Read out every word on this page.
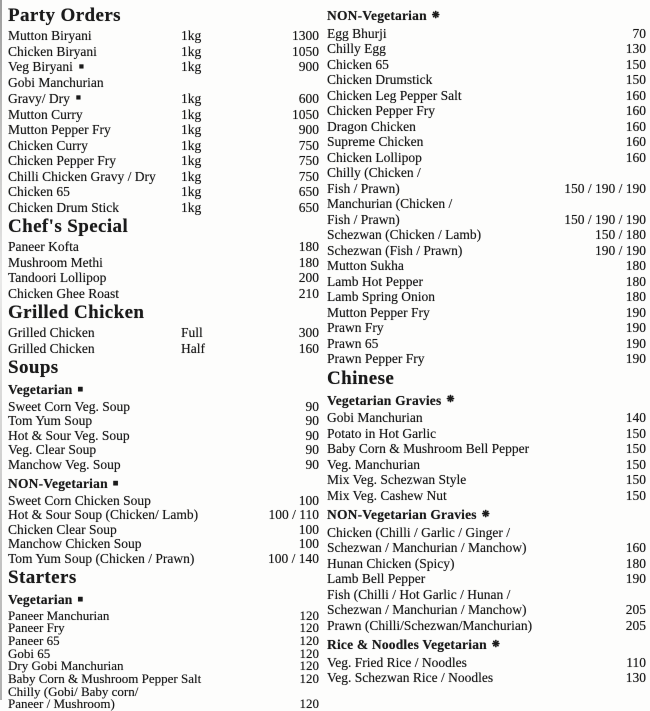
Party Orders
Mutton Biryani	1kg	1300
Chicken Biryani	1kg	1050
Veg Biryani ■	1kg	900
Gobi Manchurian
Gravy/ Dry ■	1kg	600
Mutton Curry	1kg	1050
Mutton Pepper Fry	1kg	900
Chicken Curry	1kg	750
Chicken Pepper Fry	1kg	750
Chilli Chicken Gravy / Dry	1kg	750
Chicken 65	1kg	650
Chicken Drum Stick	1kg	650
Chef's Special
Paneer Kofta	180
Mushroom Methi	180
Tandoori Lollipop	200
Chicken Ghee Roast	210
Grilled Chicken
Grilled Chicken	Full	300
Grilled Chicken	Half	160
Soups
Vegetarian ■
Sweet Corn Veg. Soup	90
Tom Yum Soup	90
Hot & Sour Veg. Soup	90
Veg. Clear Soup	90
Manchow Veg. Soup	90
NON-Vegetarian ■
Sweet Corn Chicken Soup	100
Hot & Sour Soup (Chicken/ Lamb)	100 / 110
Chicken Clear Soup	100
Manchow Chicken Soup	100
Tom Yum Soup (Chicken / Prawn)	100 / 140
Starters
Vegetarian ■
Paneer Manchurian	120
Paneer Fry	120
Paneer 65	120
Gobi 65	120
Dry Gobi Manchurian	120
Baby Corn & Mushroom Pepper Salt	120
Chilly (Gobi/ Baby corn/
Paneer / Mushroom)	120
NON-Vegetarian ❋
Egg Bhurji	70
Chilly Egg	130
Chicken 65	150
Chicken Drumstick	150
Chicken Leg Pepper Salt	160
Chicken Pepper Fry	160
Dragon Chicken	160
Supreme Chicken	160
Chicken Lollipop	160
Chilly (Chicken /
Fish / Prawn)	150 / 190 / 190
Manchurian (Chicken /
Fish / Prawn)	150 / 190 / 190
Schezwan (Chicken / Lamb)	150 / 180
Schezwan (Fish / Prawn)	190 / 190
Mutton Sukha	180
Lamb Hot Pepper	180
Lamb Spring Onion	180
Mutton Pepper Fry	190
Prawn Fry	190
Prawn 65	190
Prawn Pepper Fry	190
Chinese
Vegetarian Gravies ❋
Gobi Manchurian	140
Potato in Hot Garlic	150
Baby Corn & Mushroom Bell Pepper	150
Veg. Manchurian	150
Mix Veg. Schezwan Style	150
Mix Veg. Cashew Nut	150
NON-Vegetarian Gravies ❋
Chicken (Chilli / Garlic / Ginger /
Schezwan / Manchurian / Manchow)	160
Hunan Chicken (Spicy)	180
Lamb Bell Pepper	190
Fish (Chilli / Hot Garlic / Hunan /
Schezwan / Manchurian / Manchow)	205
Prawn (Chilli/Schezwan/Manchurian)	205
Rice & Noodles Vegetarian ❋
Veg. Fried Rice / Noodles	110
Veg. Schezwan Rice / Noodles	130
